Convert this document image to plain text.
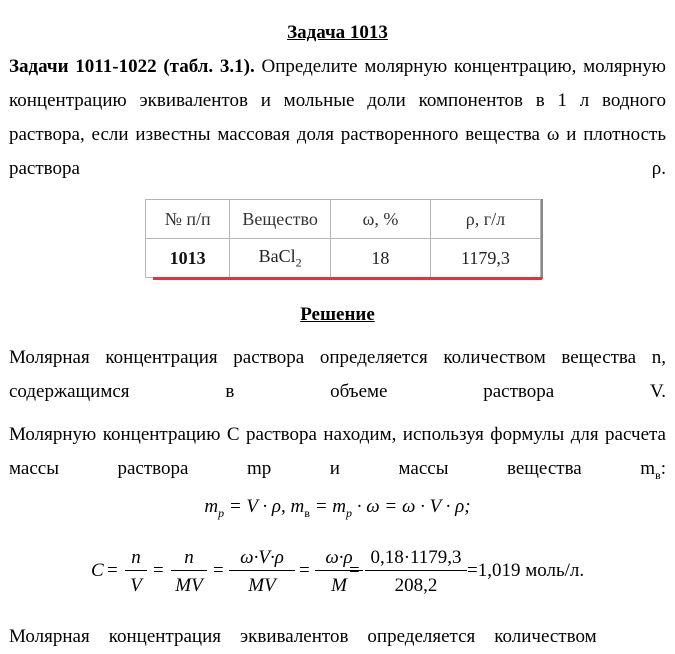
Задача 1013
Задачи 1011-1022 (табл. 3.1). Определите молярную концентрацию, молярную концентрацию эквивалентов и мольные доли компонентов в 1 л водного раствора, если известны массовая доля растворенного вещества ω и плотность раствора ρ.
№ п/п	Вещество	ω, %	ρ, г/л
1013	BaCl$_2$	18	1179,3
Решение
Молярная концентрация раствора определяется количеством вещества n, содержащимся в объеме раствора V.
Молярную концентрацию C раствора находим, используя формулы для расчета массы раствора mр и массы вещества $m_в$:
$m_р = V \cdot \rho$, $m_в = m_р \cdot \omega = \omega \cdot V \cdot \rho$;
$C = \frac{n}{V} = \frac{n}{MV} = \frac{\omega\cdot V\cdot\rho}{MV} = \frac{\omega\cdot\rho}{M}$
= $\frac{0,18\cdot 1179,3}{208,2} =1,019$ моль/л.
Молярная    концентрация    эквивалентов    определяется    количеством
